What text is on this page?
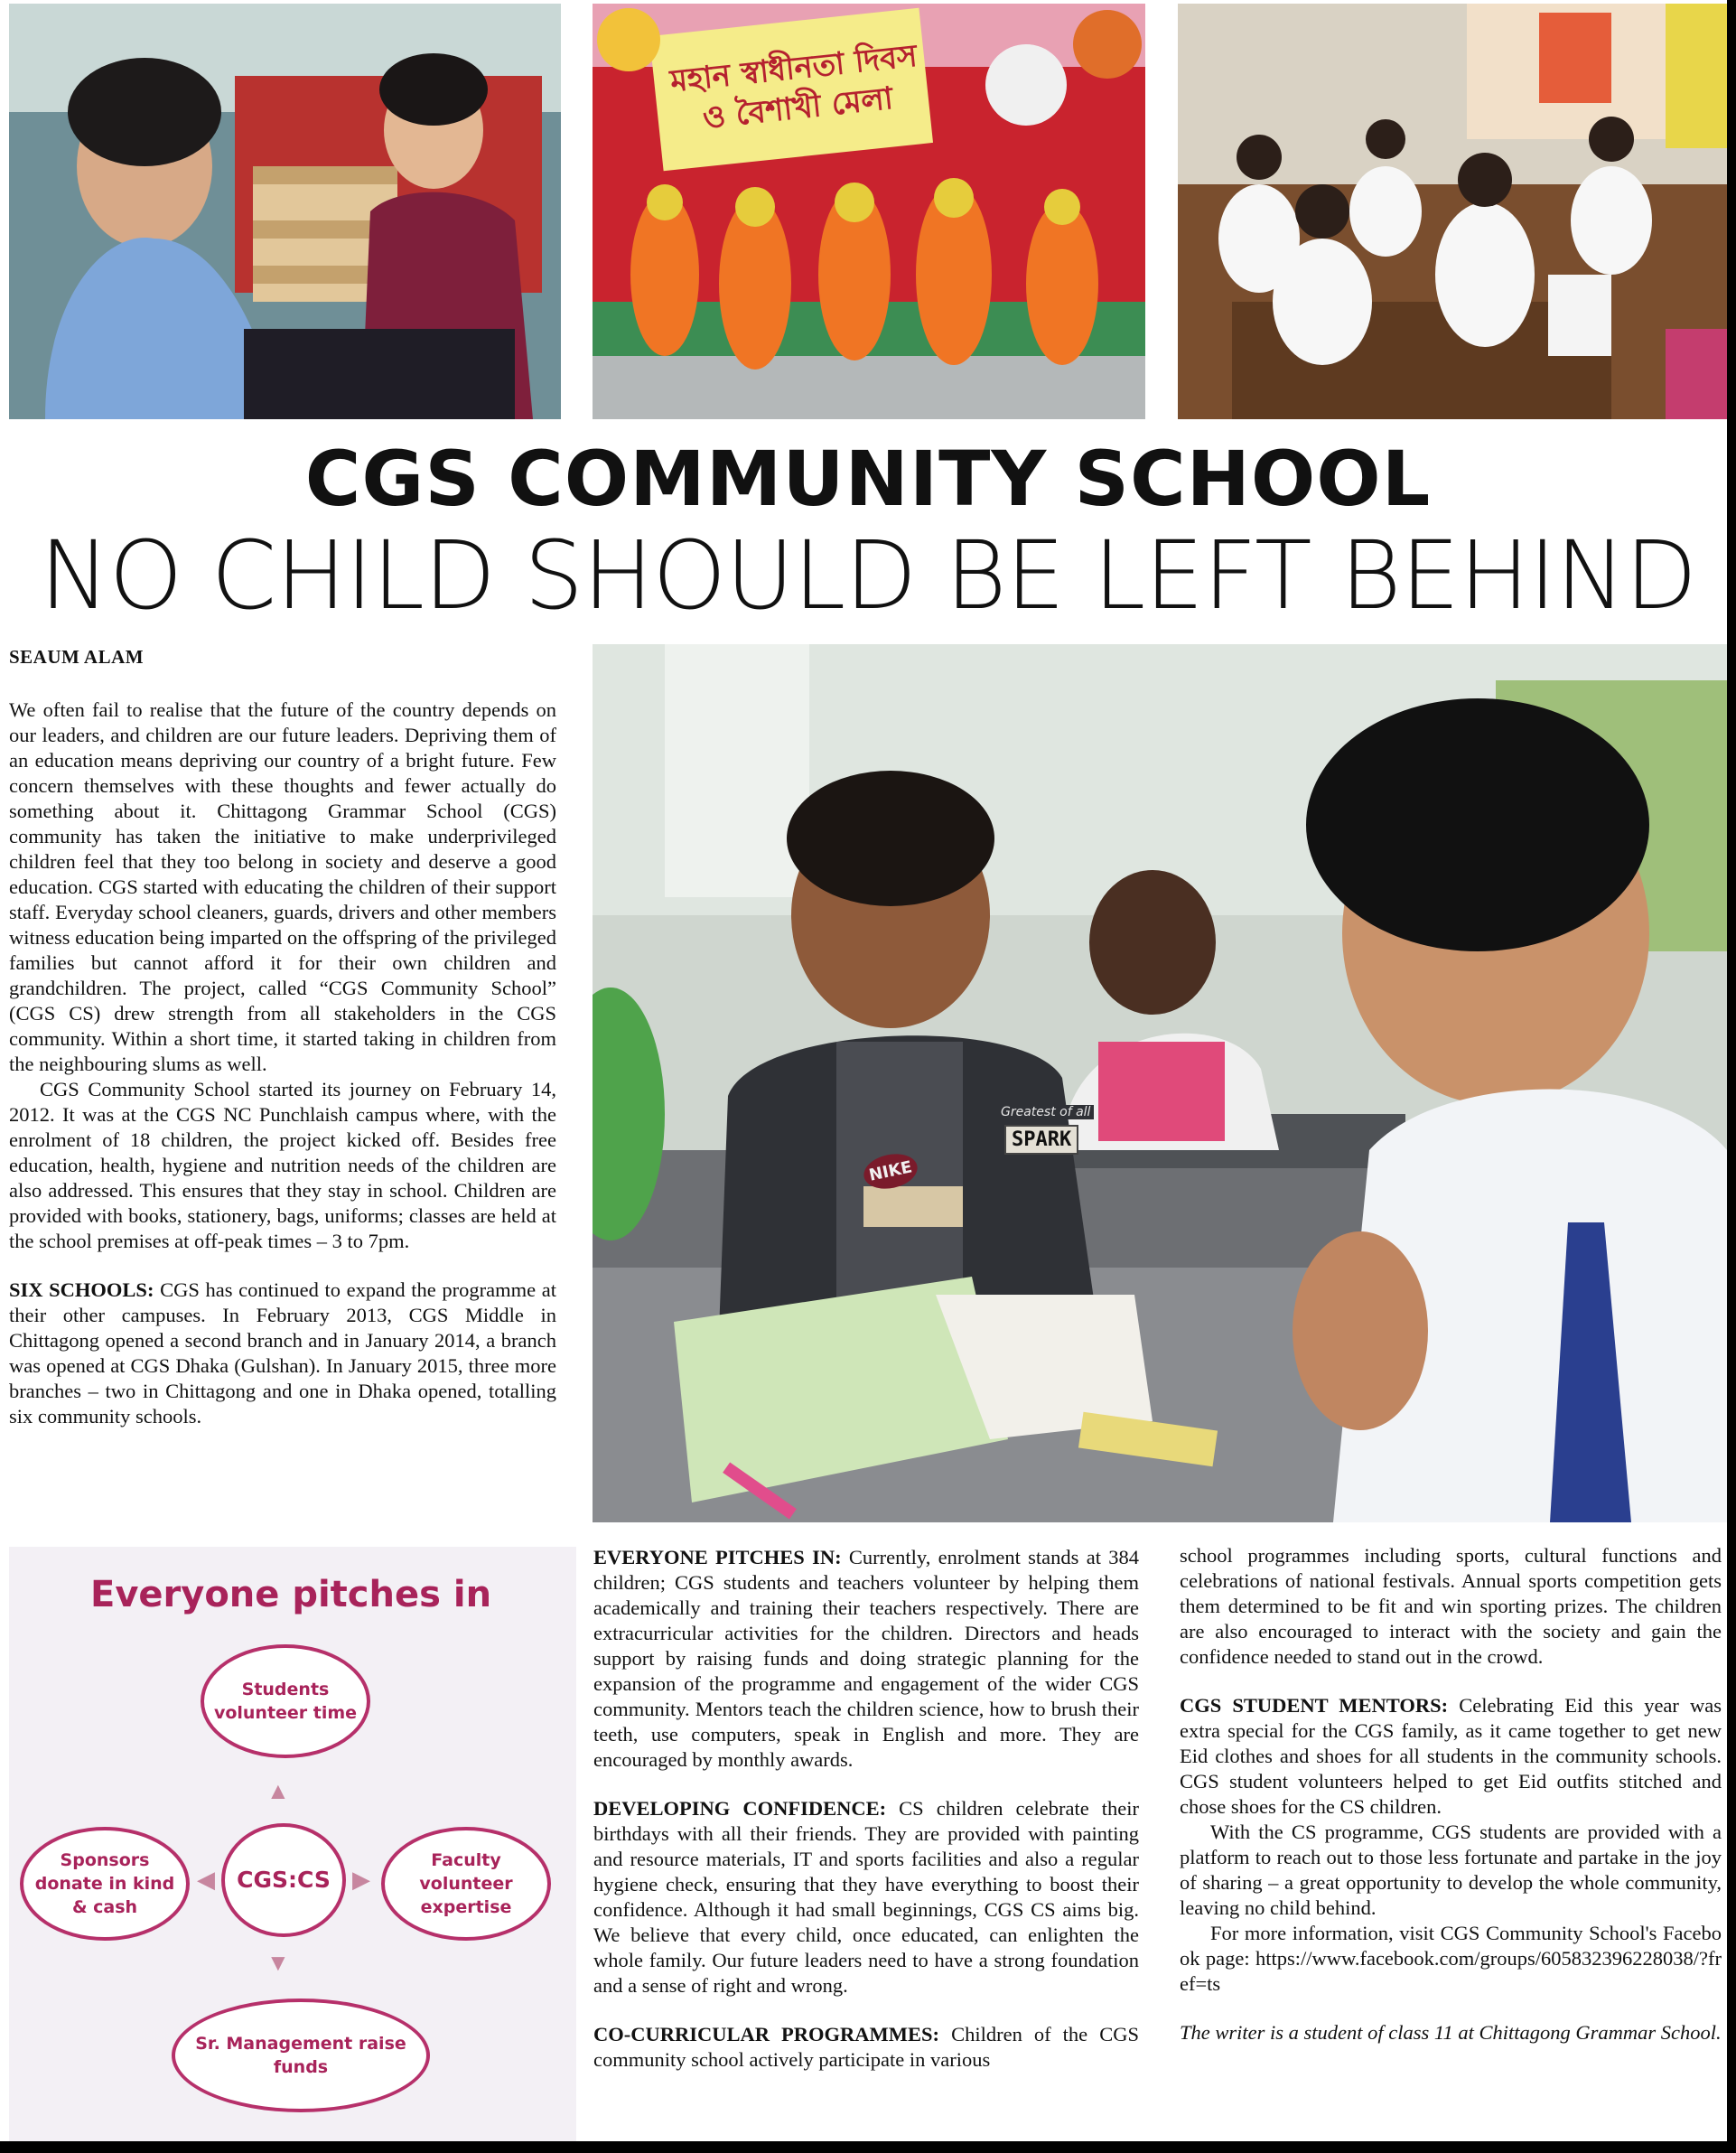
মহান স্বাধীনতা দিবস ও বৈশাখী মেলা
CGS COMMUNITY SCHOOL
NO CHILD SHOULD BE LEFT BEHIND
SEAUM ALAM

We often fail to realise that the future of the country depends on our leaders, and children are our future leaders. Depriving them of an education means depriving our country of a bright future. Few concern themselves with these thoughts and fewer actually do something about it. Chittagong Grammar School (CGS) community has taken the initiative to make underprivileged children feel that they too belong in society and deserve a good education. CGS started with educating the children of their support staff. Everyday school cleaners, guards, drivers and other members witness education being imparted on the offspring of the privileged families but cannot afford it for their own children and grandchildren. The project, called “CGS Community School” (CGS CS) drew strength from all stakeholders in the CGS community. Within a short time, it started taking in children from the neighbouring slums as well.

CGS Community School started its journey on February 14, 2012. It was at the CGS NC Punchlaish campus where, with the enrolment of 18 children, the project kicked off. Besides free education, health, hygiene and nutrition needs of the children are also addressed. This ensures that they stay in school. Children are provided with books, stationery, bags, uniforms; classes are held at the school premises at off-peak times – 3 to 7pm.

SIX SCHOOLS: CGS has continued to expand the programme at their other campuses. In February 2013, CGS Middle in Chittagong opened a second branch and in January 2014, a branch was opened at CGS Dhaka (Gulshan). In January 2015, three more branches – two in Chittagong and one in Dhaka opened, totalling six community schools.

Greatest of all
SPARK
NIKE
Everyone pitches in
Students volunteer time
▲
Sponsors donate in kind & cash
◀ CGS:CS ▶
Faculty volunteer expertise
▼
Sr. Management raise funds

EVERYONE PITCHES IN: Currently, enrolment stands at 384 children; CGS students and teachers volunteer by helping them academically and training their teachers respectively. There are extracurricular activities for the children. Directors and heads support by raising funds and doing strategic planning for the expansion of the programme and engagement of the wider CGS community. Mentors teach the children science, how to brush their teeth, use computers, speak in English and more. They are encouraged by monthly awards.

DEVELOPING CONFIDENCE: CS children celebrate their birthdays with all their friends. They are provided with painting and resource materials, IT and sports facilities and also a regular hygiene check, ensuring that they have everything to boost their confidence. Although it had small beginnings, CGS CS aims big. We believe that every child, once educated, can enlighten the whole family. Our future leaders need to have a strong foundation and a sense of right and wrong.

CO-CURRICULAR PROGRAMMES: Children of the CGS community school actively participate in various

school programmes including sports, cultural functions and celebrations of national festivals. Annual sports competition gets them determined to be fit and win sporting prizes. The children are also encouraged to interact with the society and gain the confidence needed to stand out in the crowd.

CGS STUDENT MENTORS: Celebrating Eid this year was extra special for the CGS family, as it came together to get new Eid clothes and shoes for all students in the community schools. CGS student volunteers helped to get Eid outfits stitched and chose shoes for the CS children.

With the CS programme, CGS students are provided with a platform to reach out to those less fortunate and partake in the joy of sharing – a great opportunity to develop the whole community, leaving no child behind.

For more information, visit CGS Community School's Facebook page: https://www.facebook.com/groups/605832396228038/?fref=ts

The writer is a student of class 11 at Chittagong Grammar School.
